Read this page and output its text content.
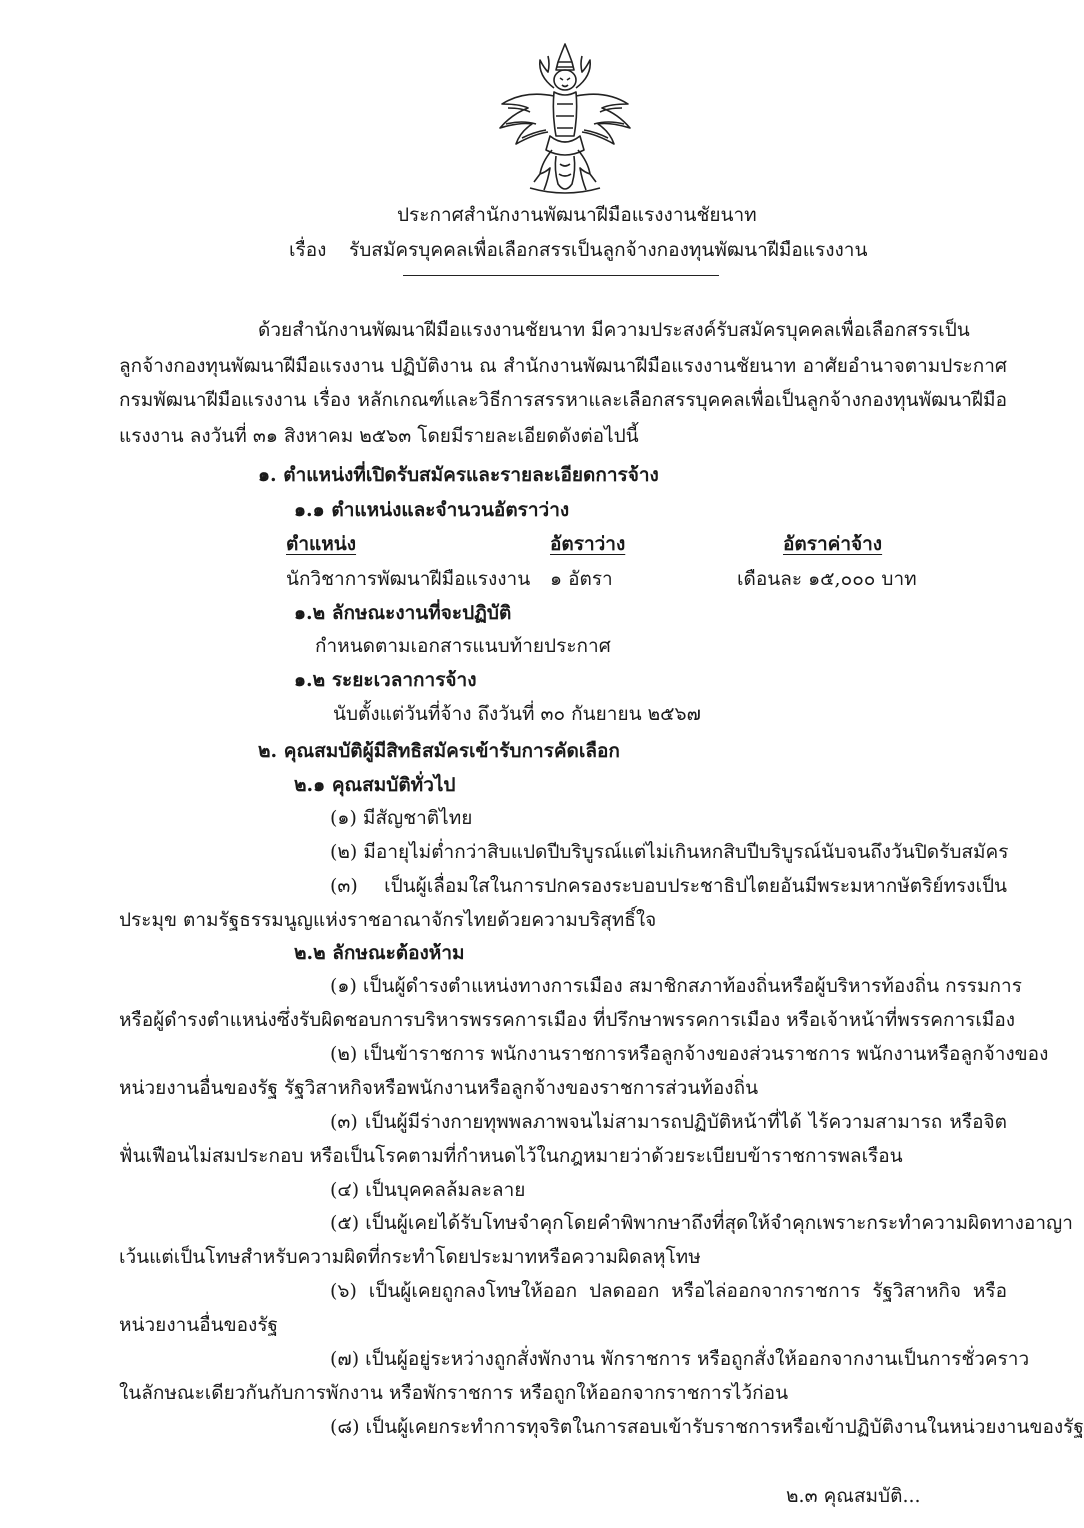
ประกาศสำนักงานพัฒนาฝีมือแรงงานชัยนาท
เรื่อง รับสมัครบุคคลเพื่อเลือกสรรเป็นลูกจ้างกองทุนพัฒนาฝีมือแรงงาน
ด้วยสำนักงานพัฒนาฝีมือแรงงานชัยนาท มีความประสงค์รับสมัครบุคคลเพื่อเลือกสรรเป็น
ลูกจ้างกองทุนพัฒนาฝีมือแรงงาน ปฏิบัติงาน ณ สำนักงานพัฒนาฝีมือแรงงานชัยนาท อาศัยอำนาจตามประกาศ
กรมพัฒนาฝีมือแรงงาน เรื่อง หลักเกณฑ์และวิธีการสรรหาและเลือกสรรบุคคลเพื่อเป็นลูกจ้างกองทุนพัฒนาฝีมือ
แรงงาน ลงวันที่ ๓๑ สิงหาคม ๒๕๖๓ โดยมีรายละเอียดดังต่อไปนี้
๑. ตำแหน่งที่เปิดรับสมัครและรายละเอียดการจ้าง
๑.๑ ตำแหน่งและจำนวนอัตราว่าง
ตำแหน่ง	อัตราว่าง	อัตราค่าจ้าง
นักวิชาการพัฒนาฝีมือแรงงาน ๑ อัตรา	เดือนละ ๑๕,๐๐๐ บาท
๑.๒ ลักษณะงานที่จะปฏิบัติ
กำหนดตามเอกสารแนบท้ายประกาศ
๑.๒ ระยะเวลาการจ้าง
นับตั้งแต่วันที่จ้าง ถึงวันที่ ๓๐ กันยายน ๒๕๖๗
๒. คุณสมบัติผู้มีสิทธิสมัครเข้ารับการคัดเลือก
๒.๑ คุณสมบัติทั่วไป
(๑) มีสัญชาติไทย
(๒) มีอายุไม่ต่ำกว่าสิบแปดปีบริบูรณ์แต่ไม่เกินหกสิบปีบริบูรณ์นับจนถึงวันปิดรับสมัคร
(๓) เป็นผู้เลื่อมใสในการปกครองระบอบประชาธิปไตยอันมีพระมหากษัตริย์ทรงเป็น
ประมุข ตามรัฐธรรมนูญแห่งราชอาณาจักรไทยด้วยความบริสุทธิ์ใจ
๒.๒ ลักษณะต้องห้าม
(๑) เป็นผู้ดำรงตำแหน่งทางการเมือง สมาชิกสภาท้องถิ่นหรือผู้บริหารท้องถิ่น กรรมการ
หรือผู้ดำรงตำแหน่งซึ่งรับผิดชอบการบริหารพรรคการเมือง ที่ปรึกษาพรรคการเมือง หรือเจ้าหน้าที่พรรคการเมือง
(๒) เป็นข้าราชการ พนักงานราชการหรือลูกจ้างของส่วนราชการ พนักงานหรือลูกจ้างของ
หน่วยงานอื่นของรัฐ รัฐวิสาหกิจหรือพนักงานหรือลูกจ้างของราชการส่วนท้องถิ่น
(๓) เป็นผู้มีร่างกายทุพพลภาพจนไม่สามารถปฏิบัติหน้าที่ได้ ไร้ความสามารถ หรือจิต
ฟั่นเฟือนไม่สมประกอบ หรือเป็นโรคตามที่กำหนดไว้ในกฎหมายว่าด้วยระเบียบข้าราชการพลเรือน
(๔) เป็นบุคคลล้มละลาย
(๕) เป็นผู้เคยได้รับโทษจำคุกโดยคำพิพากษาถึงที่สุดให้จำคุกเพราะกระทำความผิดทางอาญา
เว้นแต่เป็นโทษสำหรับความผิดที่กระทำโดยประมาทหรือความผิดลหุโทษ
(๖) เป็นผู้เคยถูกลงโทษให้ออก ปลดออก หรือไล่ออกจากราชการ รัฐวิสาหกิจ หรือ
หน่วยงานอื่นของรัฐ
(๗) เป็นผู้อยู่ระหว่างถูกสั่งพักงาน พักราชการ หรือถูกสั่งให้ออกจากงานเป็นการชั่วคราว
ในลักษณะเดียวกันกับการพักงาน หรือพักราชการ หรือถูกให้ออกจากราชการไว้ก่อน
(๘) เป็นผู้เคยกระทำการทุจริตในการสอบเข้ารับราชการหรือเข้าปฏิบัติงานในหน่วยงานของรัฐ
๒.๓ คุณสมบัติ...
